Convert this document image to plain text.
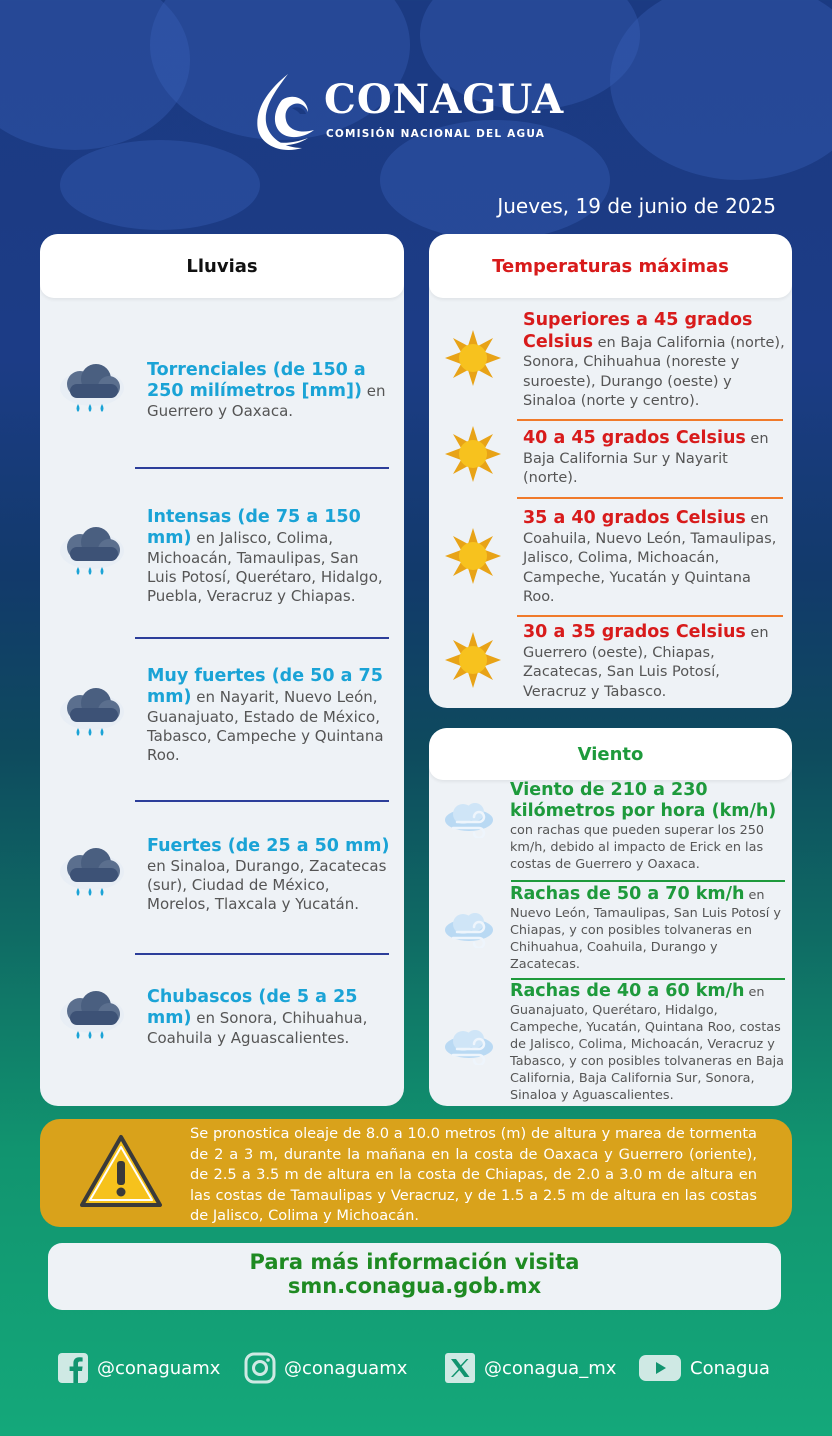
CONAGUA
COMISIÓN NACIONAL DEL AGUA
Jueves, 19 de junio de 2025
Lluvias
Torrenciales (de 150 a 250 milímetros [mm]) en Guerrero y Oaxaca.
Intensas (de 75 a 150 mm) en Jalisco, Colima, Michoacán, Tamaulipas, San Luis Potosí, Querétaro, Hidalgo, Puebla, Veracruz y Chiapas.
Muy fuertes (de 50 a 75 mm) en Nayarit, Nuevo León, Guanajuato, Estado de México, Tabasco, Campeche y Quintana Roo.
Fuertes (de 25 a 50 mm) en Sinaloa, Durango, Zacatecas (sur), Ciudad de México, Morelos, Tlaxcala y Yucatán.
Chubascos (de 5 a 25 mm) en Sonora, Chihuahua, Coahuila y Aguascalientes.
Temperaturas máximas
Superiores a 45 grados Celsius en Baja California (norte), Sonora, Chihuahua (noreste y suroeste), Durango (oeste) y Sinaloa (norte y centro).
40 a 45 grados Celsius en Baja California Sur y Nayarit (norte).
35 a 40 grados Celsius en Coahuila, Nuevo León, Tamaulipas, Jalisco, Colima, Michoacán, Campeche, Yucatán y Quintana Roo.
30 a 35 grados Celsius en Guerrero (oeste), Chiapas, Zacatecas, San Luis Potosí, Veracruz y Tabasco.
Viento
Viento de 210 a 230 kilómetros por hora (km/h) con rachas que pueden superar los 250 km/h, debido al impacto de Erick en las costas de Guerrero y Oaxaca.
Rachas de 50 a 70 km/h en Nuevo León, Tamaulipas, San Luis Potosí y Chiapas, y con posibles tolvaneras en Chihuahua, Coahuila, Durango y Zacatecas.
Rachas de 40 a 60 km/h en Guanajuato, Querétaro, Hidalgo, Campeche, Yucatán, Quintana Roo, costas de Jalisco, Colima, Michoacán, Veracruz y Tabasco, y con posibles tolvaneras en Baja California, Baja California Sur, Sonora, Sinaloa y Aguascalientes.
Se pronostica oleaje de 8.0 a 10.0 metros (m) de altura y marea de tormenta de 2 a 3 m, durante la mañana en la costa de Oaxaca y Guerrero (oriente), de 2.5 a 3.5 m de altura en la costa de Chiapas, de 2.0 a 3.0 m de altura en las costas de Tamaulipas y Veracruz, y de 1.5 a 2.5 m de altura en las costas de Jalisco, Colima y Michoacán.
Para más información visita
smn.conagua.gob.mx
@conaguamx	@conaguamx	@conagua_mx	Conagua
